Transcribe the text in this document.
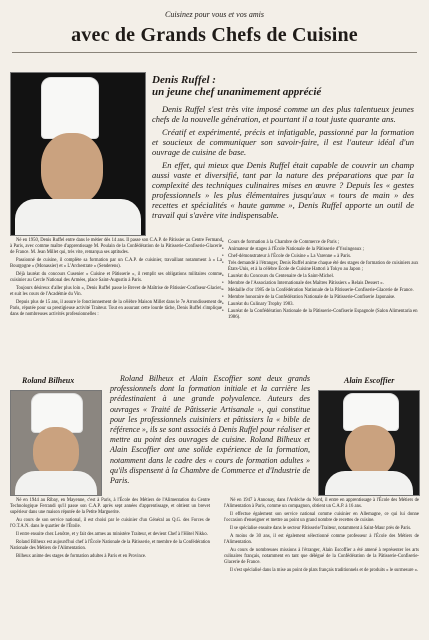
Cuisinez pour vous et vos amis
avec de Grands Chefs de Cuisine
Denis Ruffel :
un jeune chef unanimement apprécié

Denis Ruffel s'est très vite imposé comme un des plus talentueux jeunes chefs de la nouvelle génération, et pourtant il a tout juste quarante ans.

Créatif et expérimenté, précis et infatigable, passionné par la formation et soucieux de communiquer son savoir-faire, il est l'auteur idéal d'un ouvrage de cuisine de base.

En effet, qui mieux que Denis Ruffel était capable de couvrir un champ aussi vaste et diversifié, tant par la nature des préparations que par la complexité des techniques culinaires mises en œuvre ? Depuis les « gestes professionnels » les plus élémentaires jusqu'aux « tours de main » des recettes et spécialités « haute gamme », Denis Ruffel apporte un outil de travail qui s'avère vite indispensable.

Né en 1950, Denis Ruffel entre dans le métier dès 14 ans. Il passe son C.A.P. de Pâtissier au Centre Fermand à Paris, avec comme maître d'apprentissage M. Poulain de la Confédération de la Pâtisserie-Confiserie-Glacerie de France. M. Jean Millet qui, très vite, remarqua ses aptitudes.

Passionné de cuisine, il complète sa formation par un C.A.P. de cuisinier, travaillant notamment à « La Bourgogne » (Monassier) et « L'Archestrate » (Senderens).

Déjà lauréat du concours Cusenier « Cuisine et Pâtisserie », il remplit ses obligations militaires comme cuisinier au Cercle National des Armées, place Saint-Augustin à Paris.

Toujours désireux d'aller plus loin », Denis Ruffel passe le Brevet de Maîtrise de Pâtissier-Confiseur-Glacier, et suit les cours de l'Académie du Vin.

Depuis plus de 15 ans, il assure le fonctionnement de la célèbre Maison Millet dans le 7e Arrondissement de Paris, réputée pour sa prestigieuse activité Traiteur. Tout en assurant cette lourde tâche, Denis Ruffel s'implique dans de nombreuses activités professionnelles :

• Cours de formation à la Chambre de Commerce de Paris ;
• Animateur de stages à l'École Nationale de la Pâtisserie d'Yssingeaux ;
• Chef-démonstrateur à l'École de Cuisine « La Varenne » à Paris.
• Très demandé à l'étranger, Denis Ruffel anime chaque été des stages de formation de cuisiniers aux États-Unis, et à la célèbre École de Cuisine Hattori à Tokyo au Japon ;
• Lauréat du Concours du Centenaire de la Saint-Michel.
• Membre de l'Association Internationale des Maîtres Pâtissiers « Relais Dessert ».
• Médaille d'or 1985 de la Confédération Nationale de la Pâtisserie-Confiserie-Glacerie de France.
• Membre honoraire de la Confédération Nationale de la Pâtisserie-Confiserie Japonaise.
• Lauréat du Culinary Trophy 1983.
• Lauréat de la Confédération Nationale de la Pâtisserie-Confiserie Espagnole (Salon Alimentaria en 1986).
Roland Bilheux	Alain Escoffier

Roland Bilheux et Alain Escoffier sont deux grands professionnels dont la formation initiale et la carrière les prédestinaient à une grande polyvalence. Auteurs des ouvrages « Traité de Pâtisserie Artisanale », qui constitue pour les professionnels cuisiniers et pâtissiers la « bible de référence », ils se sont associés à Denis Ruffel pour réaliser et mettre au point des ouvrages de cuisine. Roland Bilheux et Alain Escoffier ont une solide expérience de la formation, notamment dans le cadre des « cours de formation adultes » qu'ils dispensent à la Chambre de Commerce et d'Industrie de Paris.

Né en 1944 au Ribay, en Mayenne, c'est à Paris, à l'École des Métiers de l'Alimentation du Centre Technologique Ferrandi qu'il passe son C.A.P. après sept années d'apprentissage, et obtient un brevet supérieur dans une maison réputée de la Petite Marguerite.

Au cours de son service national, il est choisi par le cuisinier d'un Général au Q.G. des Forces de l'O.T.A.N. dans le quartier de l'Étoile.

Il entre ensuite chez Lenôtre, et y fait des armes au ministère Traiteur, et devient Chef à l'Hôtel Nikko.

Roland Bilheux est aujourd'hui chef à l'École Nationale de la Pâtisserie, et membre de la Confédération Nationale des Métiers de l'Alimentation.

Bilheux anime des stages de formation adultes à Paris et en Province.

Né en 1947 à Annonay, dans l'Ardèche du Nord, il entre en apprentissage à l'École des Métiers de l'Alimentation à Paris, comme un compagnon, obtient un C.A.P. à 16 ans.

Il effectue également son service national comme cuisinier en Allemagne, ce qui lui donne l'occasion d'enseigner et mettre au point un grand nombre de recettes de cuisine.

Il se spécialise ensuite dans le secteur Pâtisserie/Traiteur, notamment à Saint-Maur près de Paris.

A moins de 30 ans, il est également sélectionné comme professeur à l'École des Métiers de l'Alimentation.

Au cours de nombreuses missions à l'étranger, Alain Escoffier a été amené à représenter les arts culinaires français, notamment en tant que délégué de la Confédération de la Pâtisserie-Confiserie-Glacerie de France.

Il s'est spécialisé dans la mise au point de plats français traditionnels et de produits « le surmesure ».
